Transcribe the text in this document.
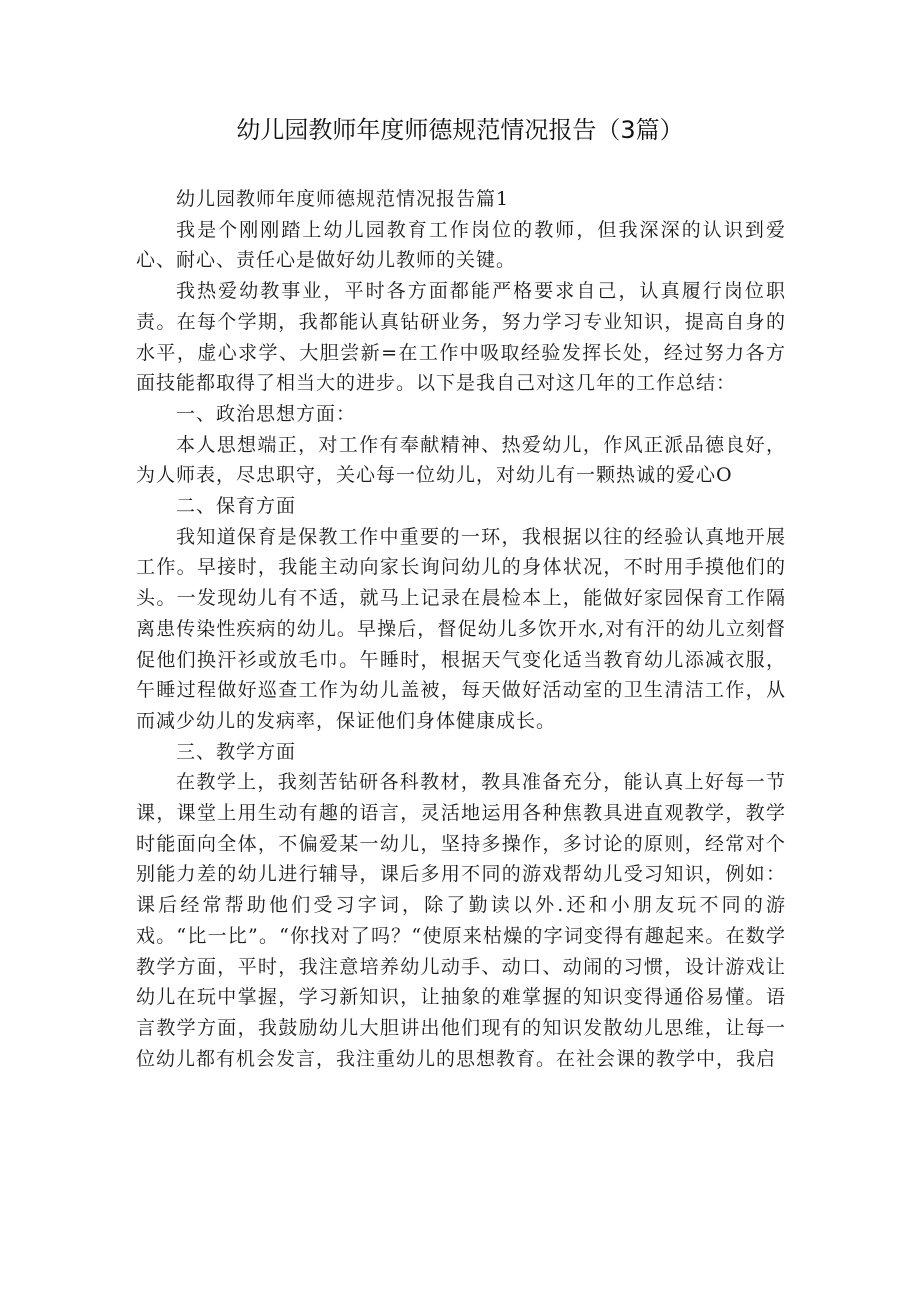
幼儿园教师年度师德规范情况报告（3篇）

幼儿园教师年度师德规范情况报告篇1

我是个刚刚踏上幼儿园教育工作岗位的教师，但我深深的认识到爱心、耐心、责任心是做好幼儿教师的关键。

我热爱幼教事业，平时各方面都能严格要求自己，认真履行岗位职责。在每个学期，我都能认真钻研业务，努力学习专业知识，提高自身的水平，虚心求学、大胆尝新=在工作中吸取经验发挥长处，经过努力各方面技能都取得了相当大的进步。以下是我自己对这几年的工作总结：

一、政治思想方面：

本人思想端正，对工作有奉献精神、热爱幼儿，作风正派品德良好，为人师表，尽忠职守，关心每一位幼儿，对幼儿有一颗热诚的爱心O

二、保育方面

我知道保育是保教工作中重要的一环，我根据以往的经验认真地开展工作。早接时，我能主动向家长询问幼儿的身体状况，不时用手摸他们的头。一发现幼儿有不适，就马上记录在晨检本上，能做好家园保育工作隔离患传染性疾病的幼儿。早操后，督促幼儿多饮开水,对有汗的幼儿立刻督促他们换汗衫或放毛巾。午睡时，根据天气变化适当教育幼儿添减衣服，午睡过程做好巡查工作为幼儿盖被，每天做好活动室的卫生清洁工作，从而减少幼儿的发病率，保证他们身体健康成长。

三、教学方面

在教学上，我刻苦钻研各科教材，教具准备充分，能认真上好每一节课，课堂上用生动有趣的语言，灵活地运用各种焦教具进直观教学，教学时能面向全体，不偏爱某一幼儿，坚持多操作，多讨论的原则，经常对个别能力差的幼儿进行辅导，课后多用不同的游戏帮幼儿受习知识，例如：课后经常帮助他们受习字词，除了勤读以外.还和小朋友玩不同的游戏。“比一比”。“你找对了吗？“使原来枯燥的字词变得有趣起来。在数学教学方面，平时，我注意培养幼儿动手、动口、动闹的习惯，设计游戏让幼儿在玩中掌握，学习新知识，让抽象的难掌握的知识变得通俗易懂。语言教学方面，我鼓励幼儿大胆讲出他们现有的知识发散幼儿思维，让每一位幼儿都有机会发言，我注重幼儿的思想教育。在社会课的教学中，我启
